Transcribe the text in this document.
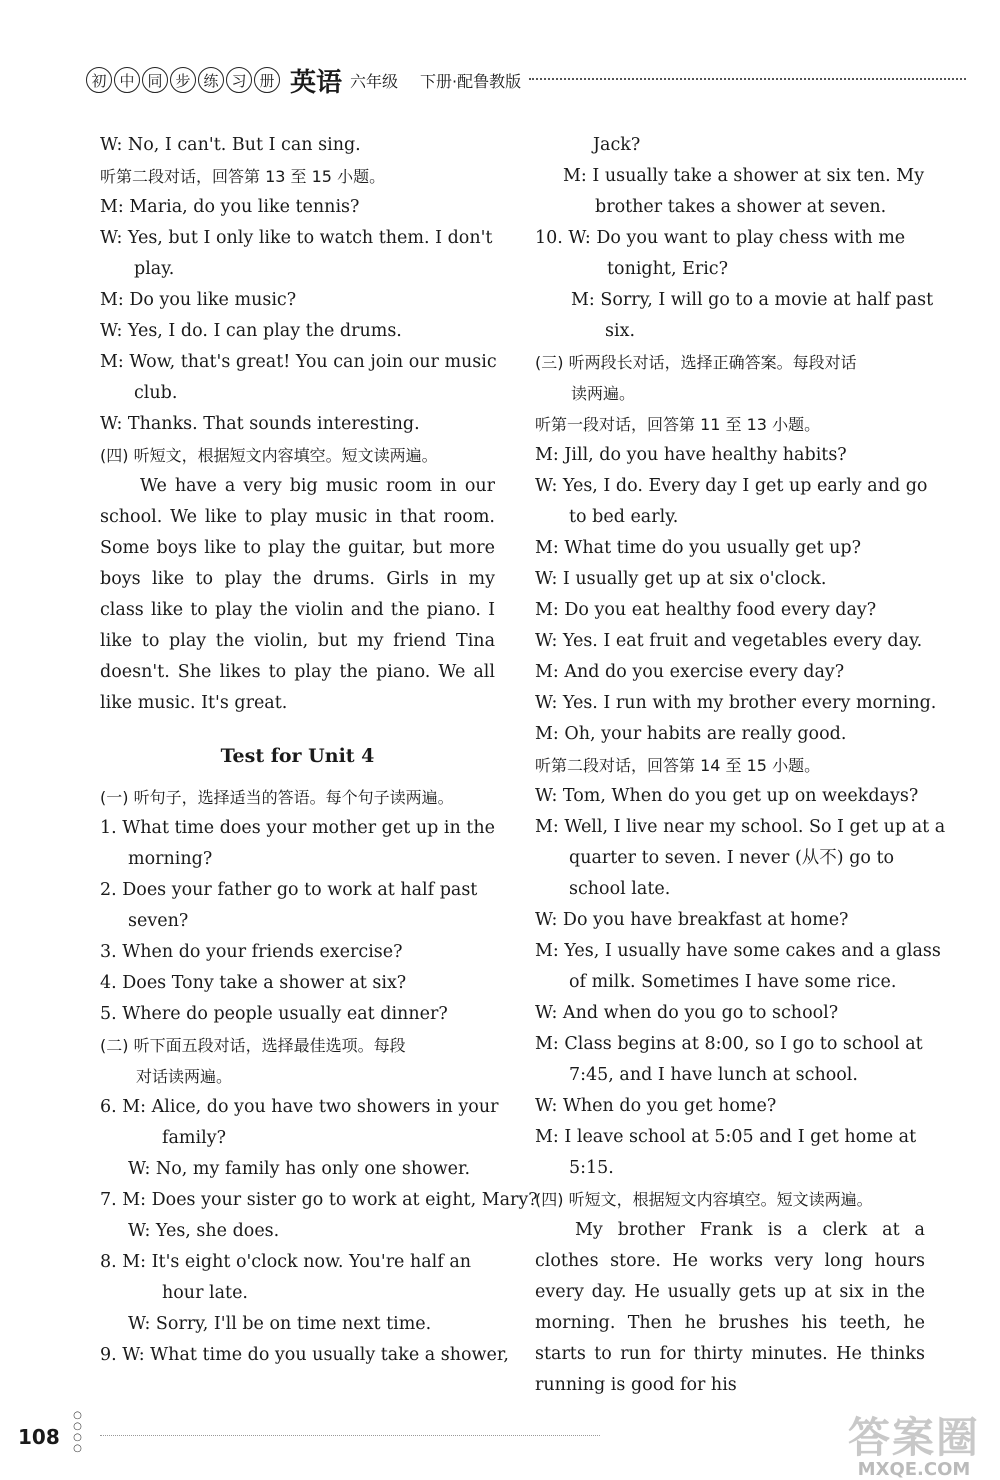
初 中 同 步 练 习 册 英语 六年级 下册·配鲁教版
W: No, I can't. But I can sing.
听第二段对话，回答第 13 至 15 小题。
M: Maria, do you like tennis?
W: Yes, but I only like to watch them. I don't
play.
M: Do you like music?
W: Yes, I do. I can play the drums.
M: Wow, that's great! You can join our music
club.
W: Thanks. That sounds interesting.
(四) 听短文，根据短文内容填空。短文读两遍。
We have a very big music room in our school. We like to play music in that room. Some boys like to play the guitar, but more boys like to play the drums. Girls in my class like to play the violin and the piano. I like to play the violin, but my friend Tina doesn't. She likes to play the piano. We all like music. It's great.
Test for Unit 4
(一) 听句子，选择适当的答语。每个句子读两遍。
1. What time does your mother get up in the
morning?
2. Does your father go to work at half past
seven?
3. When do your friends exercise?
4. Does Tony take a shower at six?
5. Where do people usually eat dinner?
(二) 听下面五段对话，选择最佳选项。每段
对话读两遍。
6. M: Alice, do you have two showers in your
family?
W: No, my family has only one shower.
7. M: Does your sister go to work at eight, Mary?
W: Yes, she does.
8. M: It's eight o'clock now. You're half an
hour late.
W: Sorry, I'll be on time next time.
9. W: What time do you usually take a shower,
Jack?
M: I usually take a shower at six ten. My
brother takes a shower at seven.
10. W: Do you want to play chess with me
tonight, Eric?
M: Sorry, I will go to a movie at half past
six.
(三) 听两段长对话，选择正确答案。每段对话
读两遍。
听第一段对话，回答第 11 至 13 小题。
M: Jill, do you have healthy habits?
W: Yes, I do. Every day I get up early and go
to bed early.
M: What time do you usually get up?
W: I usually get up at six o'clock.
M: Do you eat healthy food every day?
W: Yes. I eat fruit and vegetables every day.
M: And do you exercise every day?
W: Yes. I run with my brother every morning.
M: Oh, your habits are really good.
听第二段对话，回答第 14 至 15 小题。
W: Tom, When do you get up on weekdays?
M: Well, I live near my school. So I get up at a
quarter to seven. I never (从不) go to
school late.
W: Do you have breakfast at home?
M: Yes, I usually have some cakes and a glass
of milk. Sometimes I have some rice.
W: And when do you go to school?
M: Class begins at 8:00, so I go to school at
7:45, and I have lunch at school.
W: When do you get home?
M: I leave school at 5:05 and I get home at
5:15.
(四) 听短文，根据短文内容填空。短文读两遍。
My brother Frank is a clerk at a clothes store. He works very long hours every day. He usually gets up at six in the morning. Then he brushes his teeth, he starts to run for thirty minutes. He thinks running is good for his
108 ○○○○	答案圈
MXQE.COM
